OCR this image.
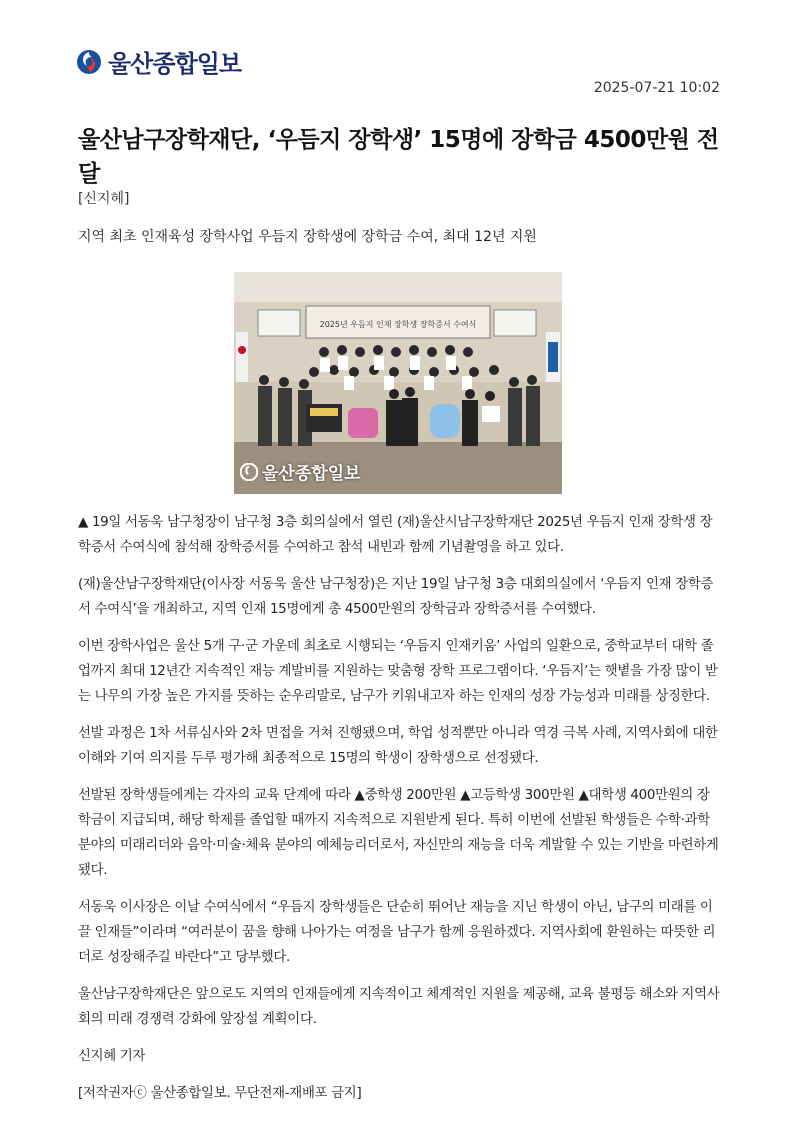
울산종합일보
2025-07-21 10:02
울산남구장학재단, ‘우듬지 장학생’ 15명에 장학금 4500만원 전달
[신지혜]
지역 최초 인재육성 장학사업 우듬지 장학생에 장학금 수여, 최대 12년 지원
2025년 우듬지 인재 장학생 장학증서 수여식
울산종합일보

▲ 19일 서동욱 남구청장이 남구청 3층 회의실에서 열린 (재)울산시남구장학재단 2025년 우듬지 인재 장학생 장학증서 수여식에 참석해 장학증서를 수여하고 참석 내빈과 함께 기념촬영을 하고 있다.

(재)울산남구장학재단(이사장 서동욱 울산 남구청장)은 지난 19일 남구청 3층 대회의실에서 ‘우듬지 인재 장학증서 수여식’을 개최하고, 지역 인재 15명에게 총 4500만원의 장학금과 장학증서를 수여했다.

이번 장학사업은 울산 5개 구·군 가운데 최초로 시행되는 ‘우듬지 인재키움’ 사업의 일환으로, 중학교부터 대학 졸업까지 최대 12년간 지속적인 재능 계발비를 지원하는 맞춤형 장학 프로그램이다. ‘우듬지’는 햇볕을 가장 많이 받는 나무의 가장 높은 가지를 뜻하는 순우리말로, 남구가 키워내고자 하는 인재의 성장 가능성과 미래를 상징한다.

선발 과정은 1차 서류심사와 2차 면접을 거쳐 진행됐으며, 학업 성적뿐만 아니라 역경 극복 사례, 지역사회에 대한 이해와 기여 의지를 두루 평가해 최종적으로 15명의 학생이 장학생으로 선정됐다.

선발된 장학생들에게는 각자의 교육 단계에 따라 ▲중학생 200만원 ▲고등학생 300만원 ▲대학생 400만원의 장학금이 지급되며, 해당 학제를 졸업할 때까지 지속적으로 지원받게 된다. 특히 이번에 선발된 학생들은 수학·과학 분야의 미래리더와 음악·미술·체육 분야의 예체능리더로서, 자신만의 재능을 더욱 계발할 수 있는 기반을 마련하게 됐다.

서동욱 이사장은 이날 수여식에서 “우듬지 장학생들은 단순히 뛰어난 재능을 지닌 학생이 아닌, 남구의 미래를 이끌 인재들”이라며 “여러분이 꿈을 향해 나아가는 여정을 남구가 함께 응원하겠다. 지역사회에 환원하는 따뜻한 리더로 성장해주길 바란다”고 당부했다.

울산남구장학재단은 앞으로도 지역의 인재들에게 지속적이고 체계적인 지원을 제공해, 교육 불평등 해소와 지역사회의 미래 경쟁력 강화에 앞장설 계획이다.

신지혜 기자

[저작권자ⓒ 울산종합일보. 무단전재-재배포 금지]
